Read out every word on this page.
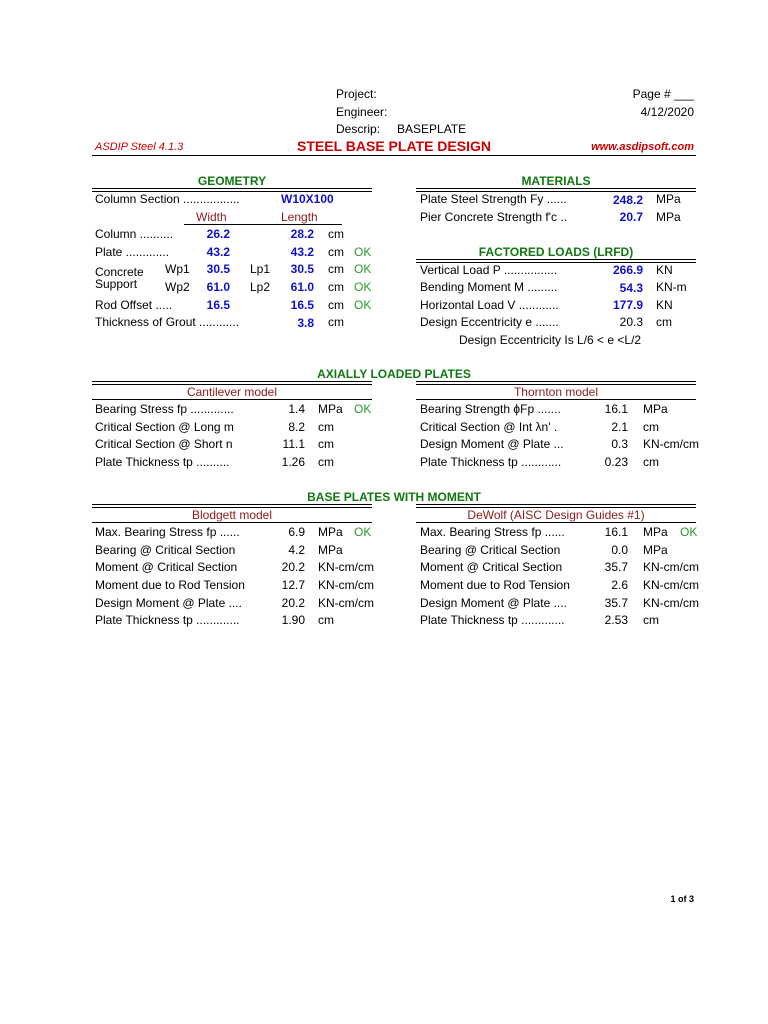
Project:
Engineer:
Descrip: BASEPLATE
Page # ___
4/12/2020
ASDIP Steel 4.1.3	STEEL BASE PLATE DESIGN	www.asdipsoft.com
GEOMETRY
Column Section .................	W10X100
Width	Length
Column ..........	26.2	28.2 cm
Plate .............	43.2	43.2 cm OK
Concrete
Support
Wp1	30.5 Lp1	30.5 cm OK
Wp2	61.0 Lp2	61.0 cm OK
Rod Offset .....	16.5	16.5 cm OK
Thickness of Grout ............	3.8 cm
MATERIALS
Plate Steel Strength Fy ......	248.2 MPa
Pier Concrete Strength f'c ..	20.7 MPa
FACTORED LOADS (LRFD)
Vertical Load P ................	266.9 KN
Bending Moment M .........	54.3 KN-m
Horizontal Load V ............	177.9 KN
Design Eccentricity e .......	20.3 cm
Design Eccentricity Is L/6 < e <L/2
AXIALLY LOADED PLATES
Cantilever model	Thornton model
Bearing Stress fp .............	1.4 MPa OK
Critical Section @ Long m	8.2 cm
Critical Section @ Short n	11.1 cm
Plate Thickness tp ..........	1.26 cm
Bearing Strength ϕFp .......	16.1 MPa
Critical Section @ Int λn' .	2.1 cm
Design Moment @ Plate ...	0.3 KN-cm/cm
Plate Thickness tp ............	0.23 cm
BASE PLATES WITH MOMENT
Blodgett model	DeWolf (AISC Design Guides #1)
Max. Bearing Stress fp ......	6.9 MPa OK
Bearing @ Critical Section	4.2 MPa
Moment @ Critical Section	20.2 KN-cm/cm
Moment due to Rod Tension	12.7 KN-cm/cm
Design Moment @ Plate ....	20.2 KN-cm/cm
Plate Thickness tp .............	1.90 cm
Max. Bearing Stress fp ......	16.1 MPa OK
Bearing @ Critical Section	0.0 MPa
Moment @ Critical Section	35.7 KN-cm/cm
Moment due to Rod Tension	2.6 KN-cm/cm
Design Moment @ Plate ....	35.7 KN-cm/cm
Plate Thickness tp .............	2.53 cm
1 of 3
